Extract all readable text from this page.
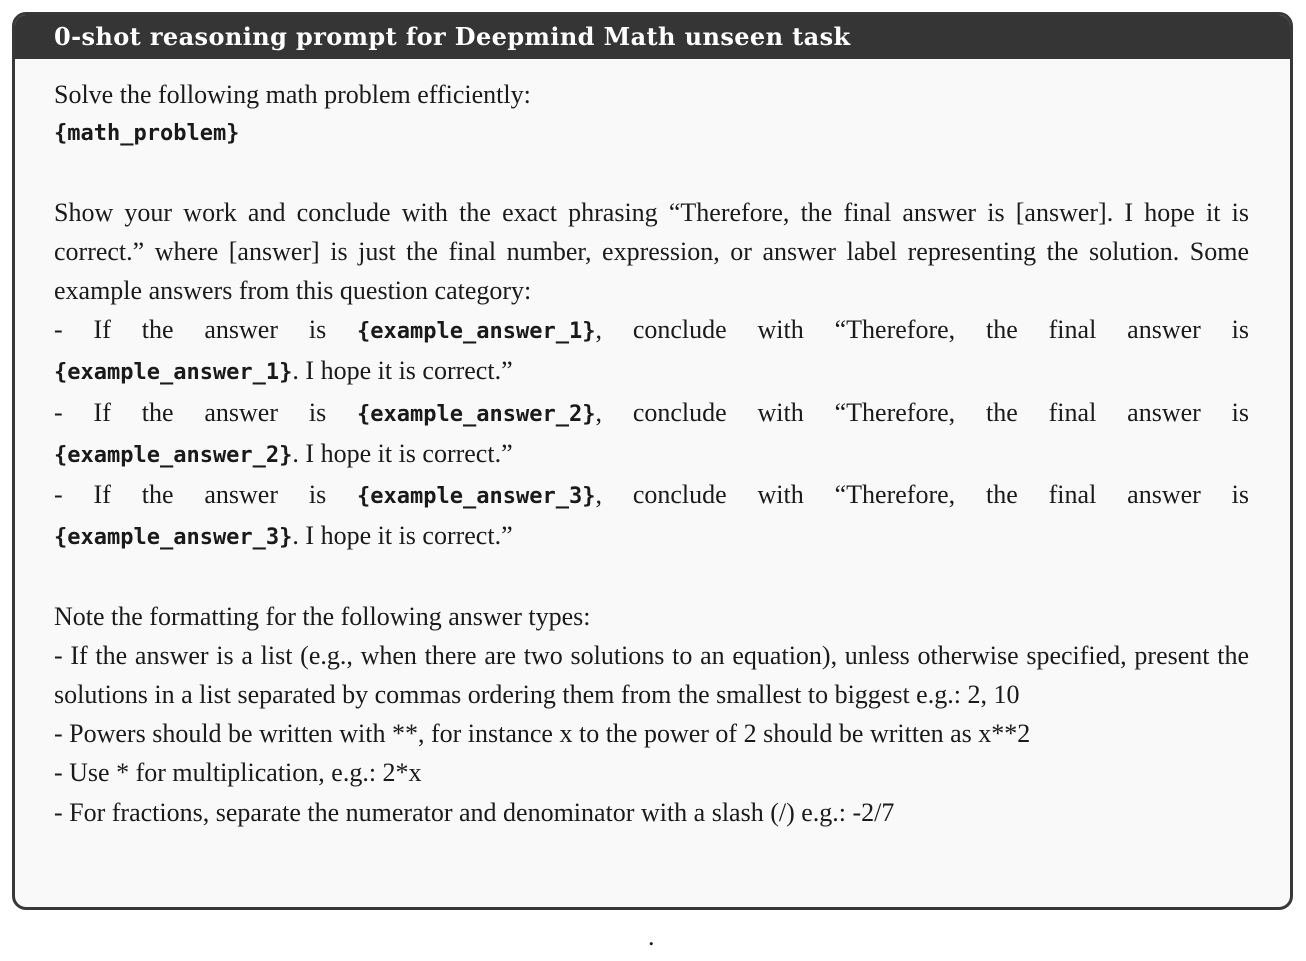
0-shot reasoning prompt for Deepmind Math unseen task
Solve the following math problem efficiently:
{math_problem}
Show your work and conclude with the exact phrasing “Therefore, the final answer is [answer]. I hope it is correct.” where [answer] is just the final number, expression, or answer label representing the solution. Some example answers from this question category:
- If the answer is {example_answer_1}, conclude with “Therefore, the final answer is
{example_answer_1}. I hope it is correct.”
- If the answer is {example_answer_2}, conclude with “Therefore, the final answer is
{example_answer_2}. I hope it is correct.”
- If the answer is {example_answer_3}, conclude with “Therefore, the final answer is
{example_answer_3}. I hope it is correct.”
Note the formatting for the following answer types:
- If the answer is a list (e.g., when there are two solutions to an equation), unless otherwise specified, present the solutions in a list separated by commas ordering them from the smallest to biggest e.g.: 2, 10
- Powers should be written with **, for instance x to the power of 2 should be written as x**2
- Use * for multiplication, e.g.: 2*x
- For fractions, separate the numerator and denominator with a slash (/) e.g.: -2/7
.
